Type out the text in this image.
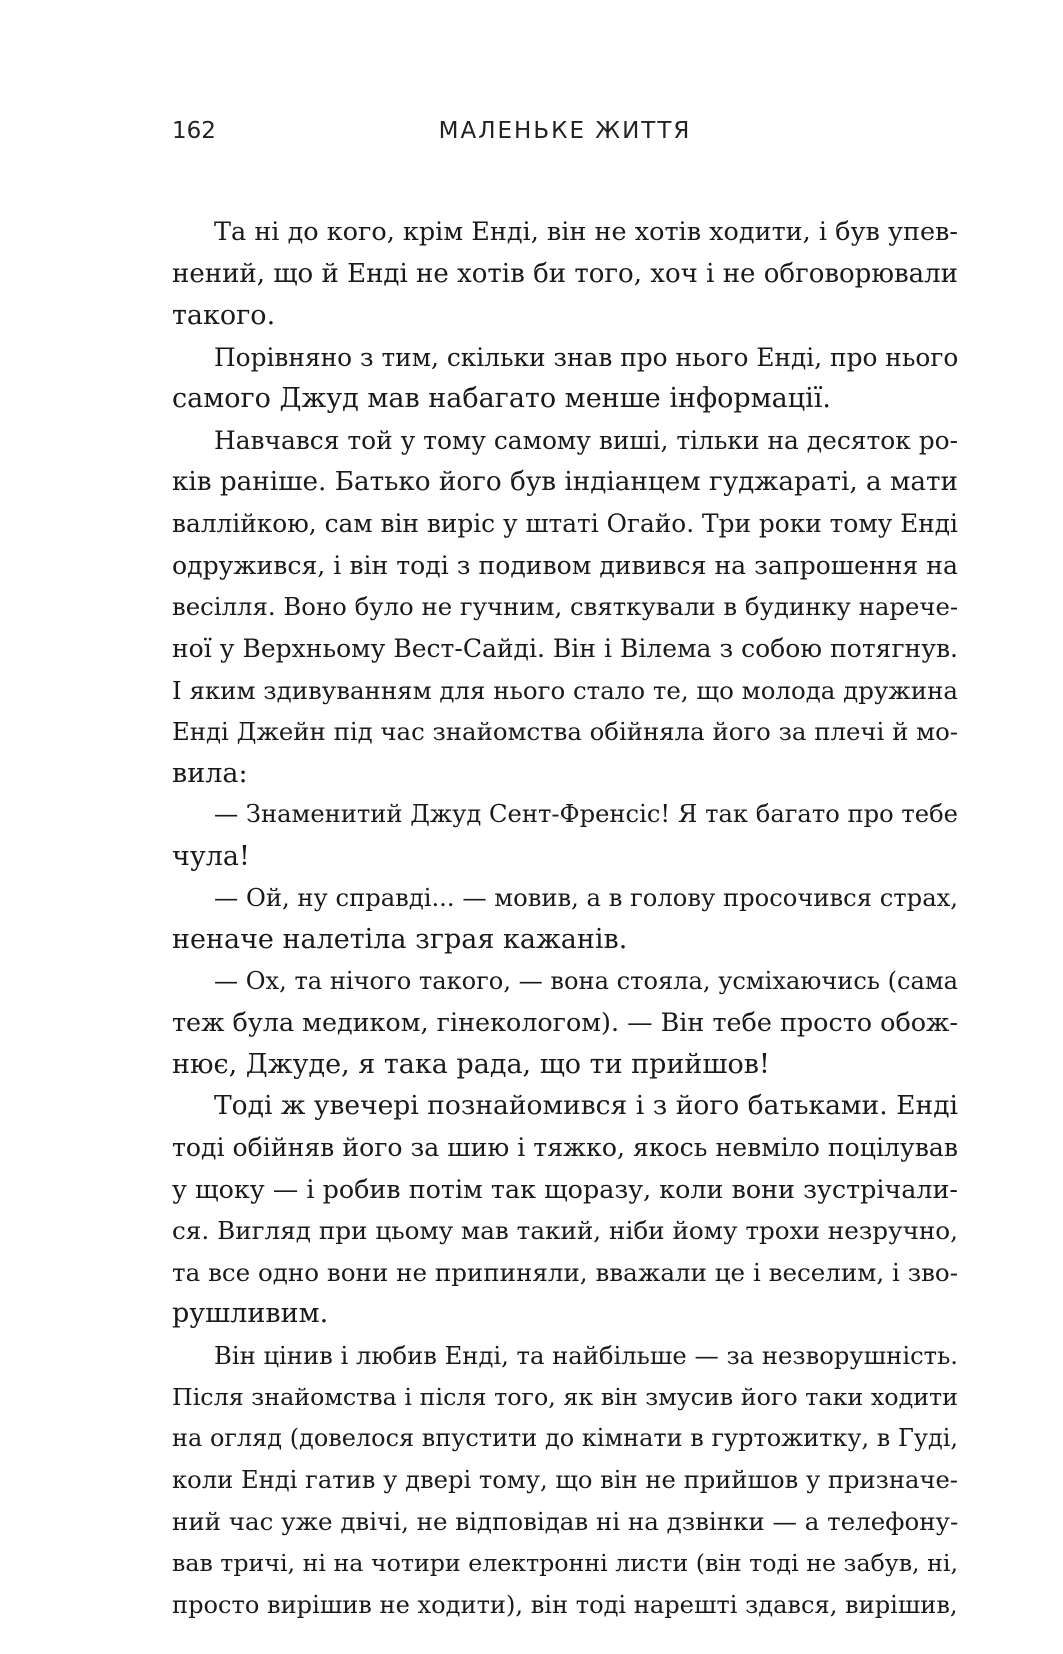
162	МАЛЕНЬКЕ ЖИТТЯ

Та ні до кого, крім Енді, він не хотів ходити, і був упев-
нений, що й Енді не хотів би того, хоч і не обговорювали
такого.

Порівняно з тим, скільки знав про нього Енді, про нього
самого Джуд мав набагато менше інформації.

Навчався той у тому самому виші, тільки на десяток ро-
ків раніше. Батько його був індіанцем гуджараті, а мати
валлійкою, сам він виріс у штаті Огайо. Три роки тому Енді
одружився, і він тоді з подивом дивився на запрошення на
весілля. Воно було не гучним, святкували в будинку нарече-
ної у Верхньому Вест-Сайді. Він і Вілема з собою потягнув.
І яким здивуванням для нього стало те, що молода дружина
Енді Джейн під час знайомства обійняла його за плечі й мо-
вила:

— Знаменитий Джуд Сент-Френсіс! Я так багато про тебе
чула!

— Ой, ну справді... — мовив, а в голову просочився страх,
неначе налетіла зграя кажанів.

— Ох, та нічого такого, — вона стояла, усміхаючись (сама
теж була медиком, гінекологом). — Він тебе просто обож-
нює, Джуде, я така рада, що ти прийшов!

Тоді ж увечері познайомився і з його батьками. Енді
тоді обійняв його за шию і тяжко, якось невміло поцілував
у щоку — і робив потім так щоразу, коли вони зустрічали-
ся. Вигляд при цьому мав такий, ніби йому трохи незручно,
та все одно вони не припиняли, вважали це і веселим, і зво-
рушливим.

Він цінив і любив Енді, та найбільше — за незворушність.
Після знайомства і після того, як він змусив його таки ходити
на огляд (довелося впустити до кімнати в гуртожитку, в Гуді,
коли Енді гатив у двері тому, що він не прийшов у призначе-
ний час уже двічі, не відповідав ні на дзвінки — а телефону-
вав тричі, ні на чотири електронні листи (він тоді не забув, ні,
просто вирішив не ходити), він тоді нарешті здався, вирішив,
